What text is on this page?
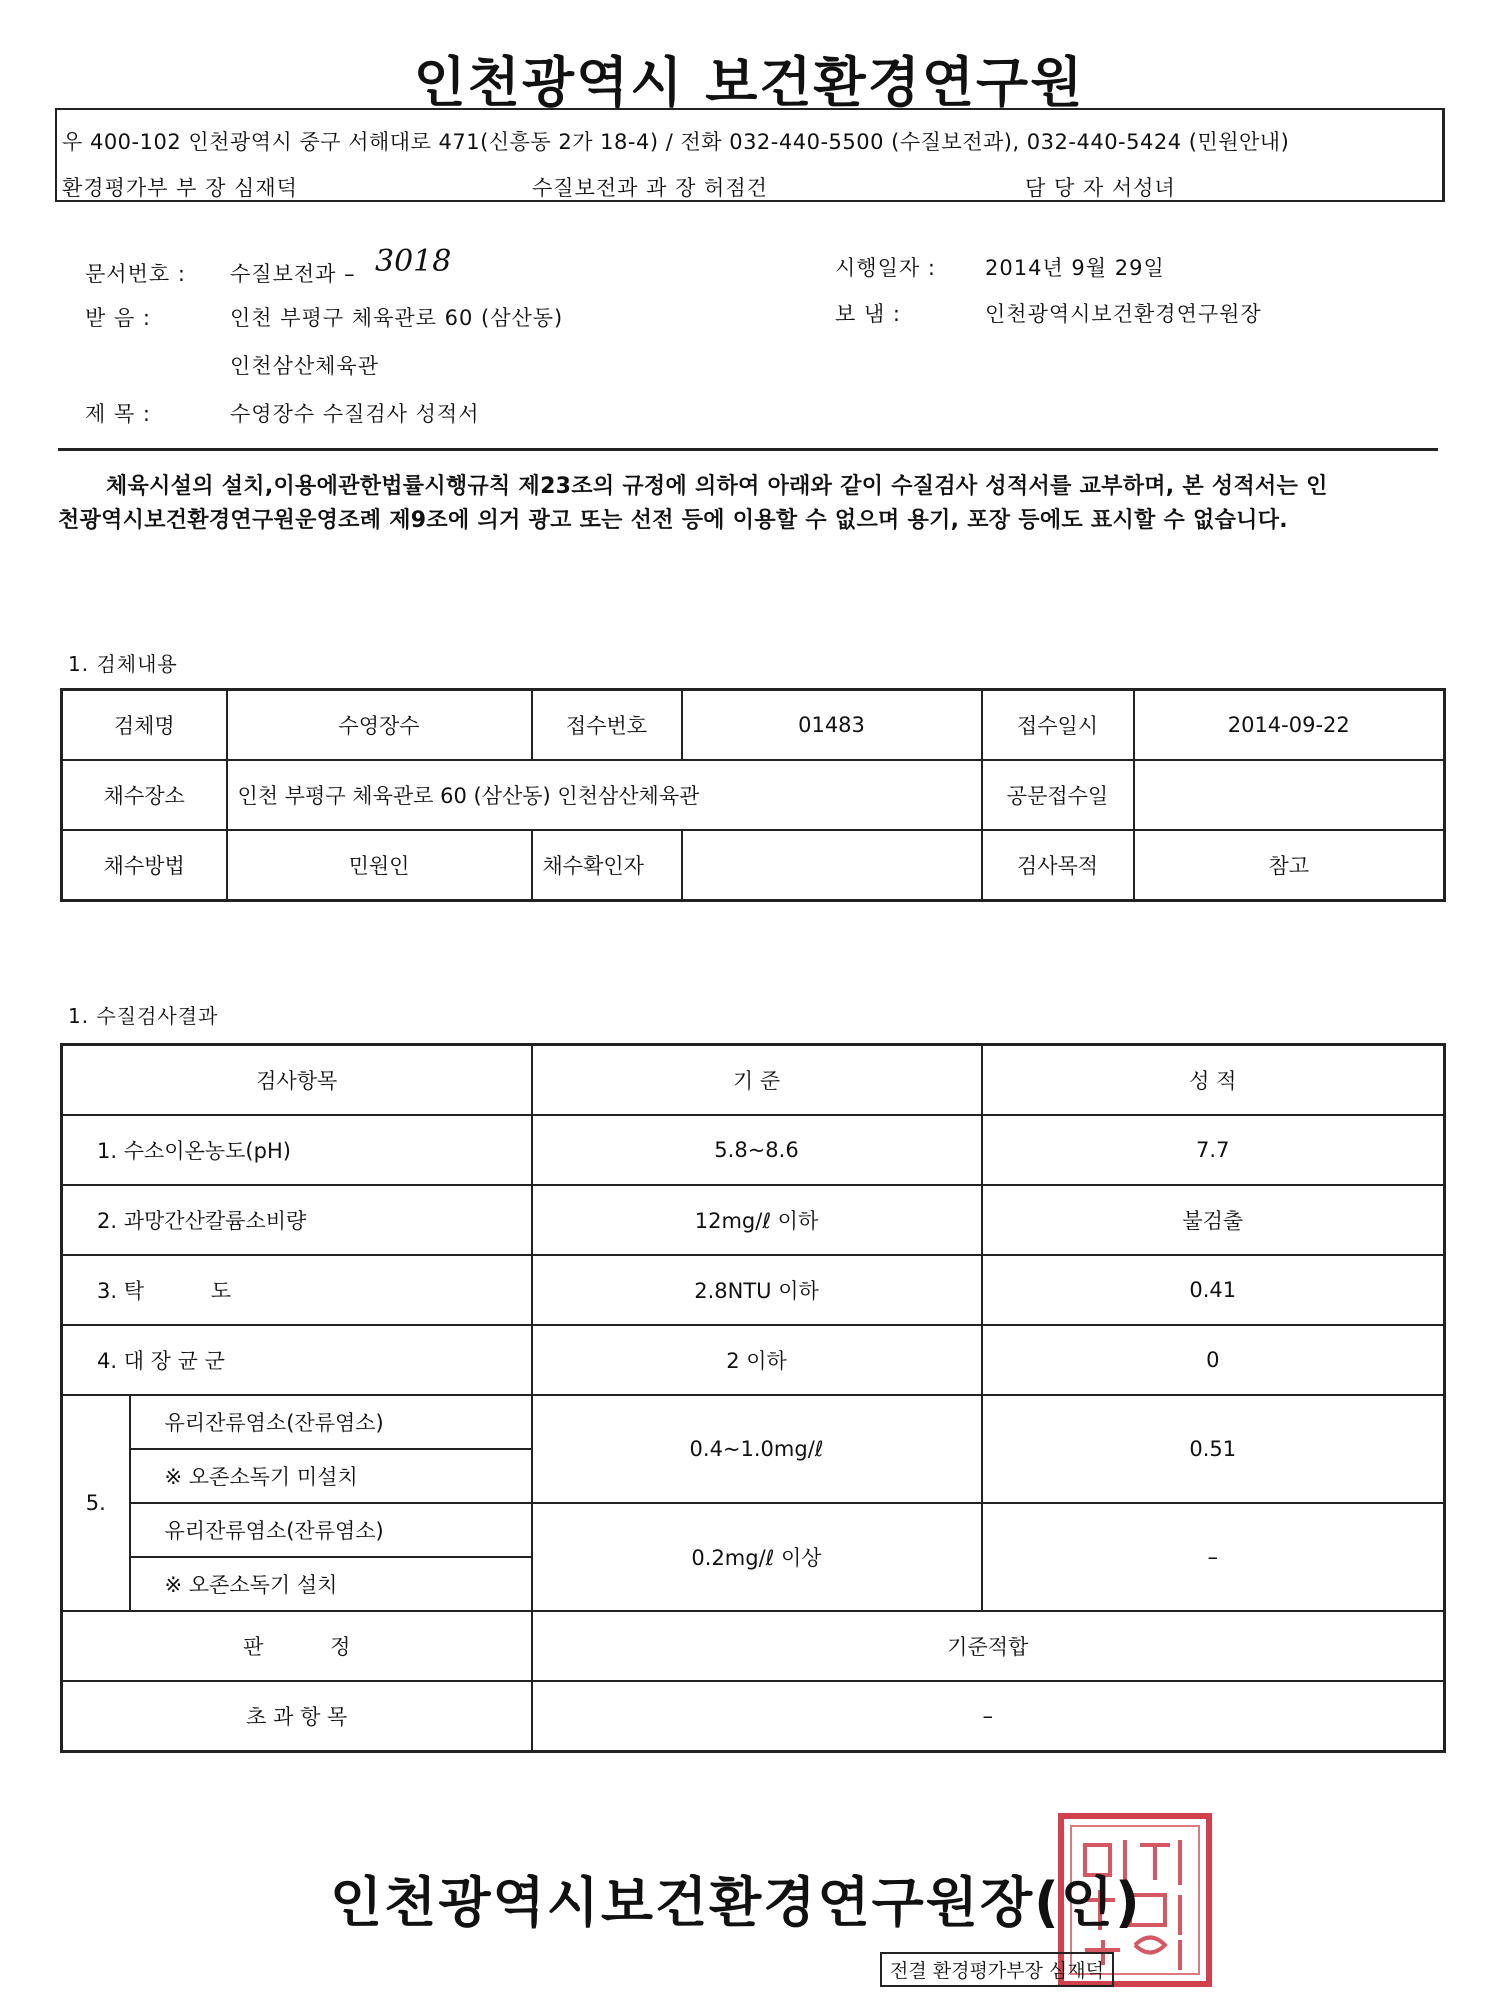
인천광역시 보건환경연구원
우 400-102 인천광역시 중구 서해대로 471(신흥동 2가 18-4) / 전화 032-440-5500 (수질보전과), 032-440-5424 (민원안내)
환경평가부 부 장 심재덕	수질보전과 과 장 허점건	담 당 자 서성녀
문서번호 : 수질보전과 – 3018
받 음 :	인천 부평구 체육관로 60 (삼산동)
인천삼산체육관
제 목 :	수영장수 수질검사 성적서
시행일자 : 2014년 9월 29일
보 냄 :	인천광역시보건환경연구원장
체육시설의 설치,이용에관한법률시행규칙 제23조의 규정에 의하여 아래와 같이 수질검사 성적서를 교부하며, 본 성적서는 인
천광역시보건환경연구원운영조례 제9조에 의거 광고 또는 선전 등에 이용할 수 없으며 용기, 포장 등에도 표시할 수 없습니다.
1. 검체내용
검체명	수영장수	접수번호	01483	접수일시	2014-09-22
채수장소	인천 부평구 체육관로 60 (삼산동) 인천삼산체육관			공문접수일	
채수방법	민원인	채수확인자		검사목적	참고
1. 수질검사결과
검사항목		기 준	성 적
1. 수소이온농도(pH)		5.8~8.6	7.7
2. 과망간산칼륨소비량		12mg/ℓ 이하	불검출
3. 탁          도		2.8NTU 이하	0.41
4. 대 장 균 군		2 이하	0
5.	유리잔류염소(잔류염소)	0.4~1.0mg/ℓ	0.51
	※ 오존소독기 미설치		
	유리잔류염소(잔류염소)	0.2mg/ℓ 이상	–
	※ 오존소독기 설치		
판          정		기준적합	
초 과 항 목		–	
인천광역시보건환경연구원장(인)
전결 환경평가부장 심재덕
